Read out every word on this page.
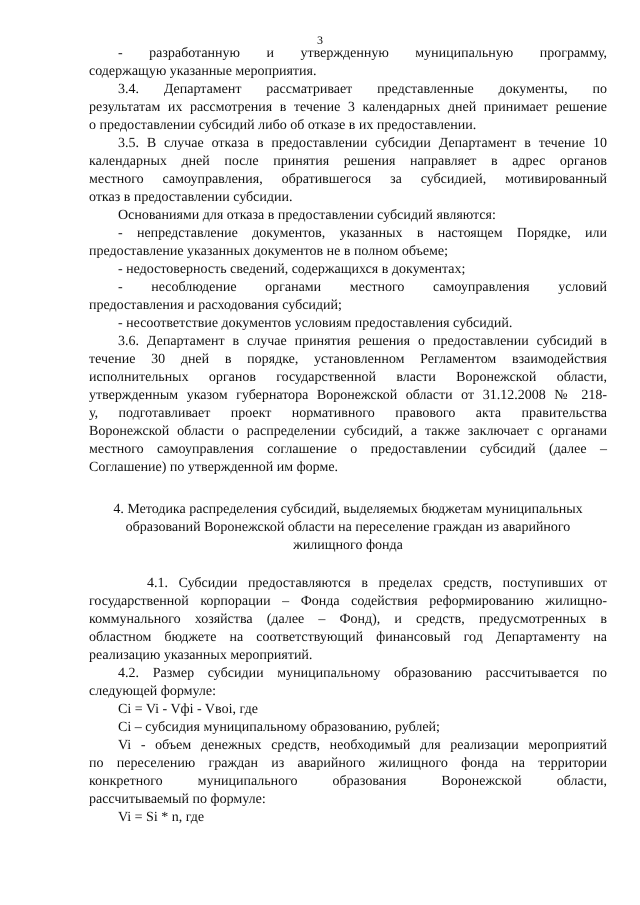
3
- разработанную и утвержденную муниципальную программу,
содержащую указанные мероприятия.
3.4. Департамент рассматривает представленные документы, по
результатам их рассмотрения в течение 3 календарных дней принимает решение
о предоставлении субсидий либо об отказе в их предоставлении.
3.5. В случае отказа в предоставлении субсидии Департамент в течение 10
календарных дней после принятия решения направляет в адрес органов
местного самоуправления, обратившегося за субсидией, мотивированный
отказ в предоставлении субсидии.
Основаниями для отказа в предоставлении субсидий являются:
- непредставление документов, указанных в настоящем Порядке, или
предоставление указанных документов не в полном объеме;
- недостоверность сведений, содержащихся в документах;
- несоблюдение органами местного самоуправления условий
предоставления и расходования субсидий;
- несоответствие документов условиям предоставления субсидий.
3.6. Департамент в случае принятия решения о предоставлении субсидий в
течение 30 дней в порядке, установленном Регламентом взаимодействия
исполнительных органов государственной власти Воронежской области,
утвержденным указом губернатора Воронежской области от 31.12.2008 № 218-
у, подготавливает проект нормативного правового акта правительства
Воронежской области о распределении субсидий, а также заключает с органами
местного самоуправления соглашение о предоставлении субсидий (далее –
Соглашение) по утвержденной им форме.
4. Методика распределения субсидий, выделяемых бюджетам муниципальных
образований Воронежской области на переселение граждан из аварийного
жилищного фонда
4.1. Субсидии предоставляются в пределах средств, поступивших от
государственной корпорации – Фонда содействия реформированию жилищно-
коммунального хозяйства (далее – Фонд), и средств, предусмотренных в
областном бюджете на соответствующий финансовый год Департаменту на
реализацию указанных мероприятий.
4.2. Размер субсидии муниципальному образованию рассчитывается по
следующей формуле:
Ci = Vi - Vфi - Vвoi, где
Ci – субсидия муниципальному образованию, рублей;
Vi - объем денежных средств, необходимый для реализации мероприятий
по переселению граждан из аварийного жилищного фонда на территории
конкретного муниципального образования Воронежской области,
рассчитываемый по формуле:
Vi = Si * n, где
